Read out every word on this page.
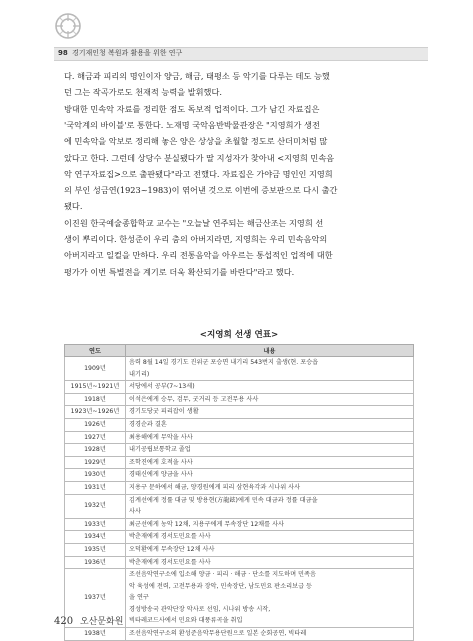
98 경기재인청 복원과 활용을 위한 연구
다. 해금과 피리의 명인이자 양금, 해금, 태평소 등 악기를 다루는 데도 능했
던 그는 작곡가로도 천재적 능력을 발휘했다.
방대한 민속악 자료를 정리한 점도 독보적 업적이다. 그가 남긴 자료집은
'국악계의 바이블'로 통한다. 노재명 국악음반박물관장은 "지영희가 생전
에 민속악을 악보로 정리해 놓은 양은 상상을 초월할 정도로 산더미처럼 많
았다고 한다. 그런데 상당수 분실됐다가 딸 지성자가 찾아내 <지영희 민속음
악 연구자료집>으로 출판됐다"라고 전했다. 자료집은 가야금 명인인 지영희
의 부인 성금연(1923~1983)이 엮어낸 것으로 이번에 증보판으로 다시 출간
됐다.
이진원 한국예술종합학교 교수는 "오늘날 연주되는 해금산조는 지영희 선
생이 뿌리이다. 한성준이 우리 춤의 아버지라면, 지영희는 우리 민속음악의
아버지라고 일컬을 만하다. 우리 전통음악을 아우르는 통섭적인 업적에 대한
평가가 이번 특별전을 계기로 더욱 확산되기를 바란다"라고 했다.
<지영희 선생 연표>
연도	내용
1909년	음력 8월 14일 경기도 진위군 포승면 내기리 543번지 출생(현. 포승읍
내기리)

1915년~1921년	서당에서 공부(7~13세)

1918년	이석은에게 승무, 검무, 굿거리 등 고전무용 사사

1923년~1926년	경기도당굿 피리잡이 생활

1926년	경경순과 결혼

1927년	최용해에게 무악을 사사

1928년	내기공립보통학교 졸업

1929년	조학진에게 호적을 사사

1930년	경태신에게 양금을 사사

1931년	지용구 문하에서 해금, 양경원에게 피리 삼현육각과 시나위 사사

1932년	김계선에게 정률 대금 및 방용현(方龍鉉)에게 민속 대금과 정률 대금을
사사

1933년	최군선에게 농악 12채, 지용구에게 무속장단 12채를 사사

1934년	박춘재에게 경서도민요를 사사

1935년	오덕환에게 무속장단 12채 사사

1936년	박춘재에게 경서도민요를 사사

1937년	조선음악연구소에 입소해 양금 · 피리 · 해금 · 단소를 지도하며 민족음
악 육성에 전력, 고전무용과 장악, 민속장단, 남도민요 판소리보급 등
을 연구
경성방송국 관악단장 악사로 선임, 시나위 방송 시작,
빅타레코드사에서 민요와 대풍류곡을 취입

1938년	조선음악연구소의 환성준음악무용단원으로 일본 순회공연, 빅타레
420 오산문화원
